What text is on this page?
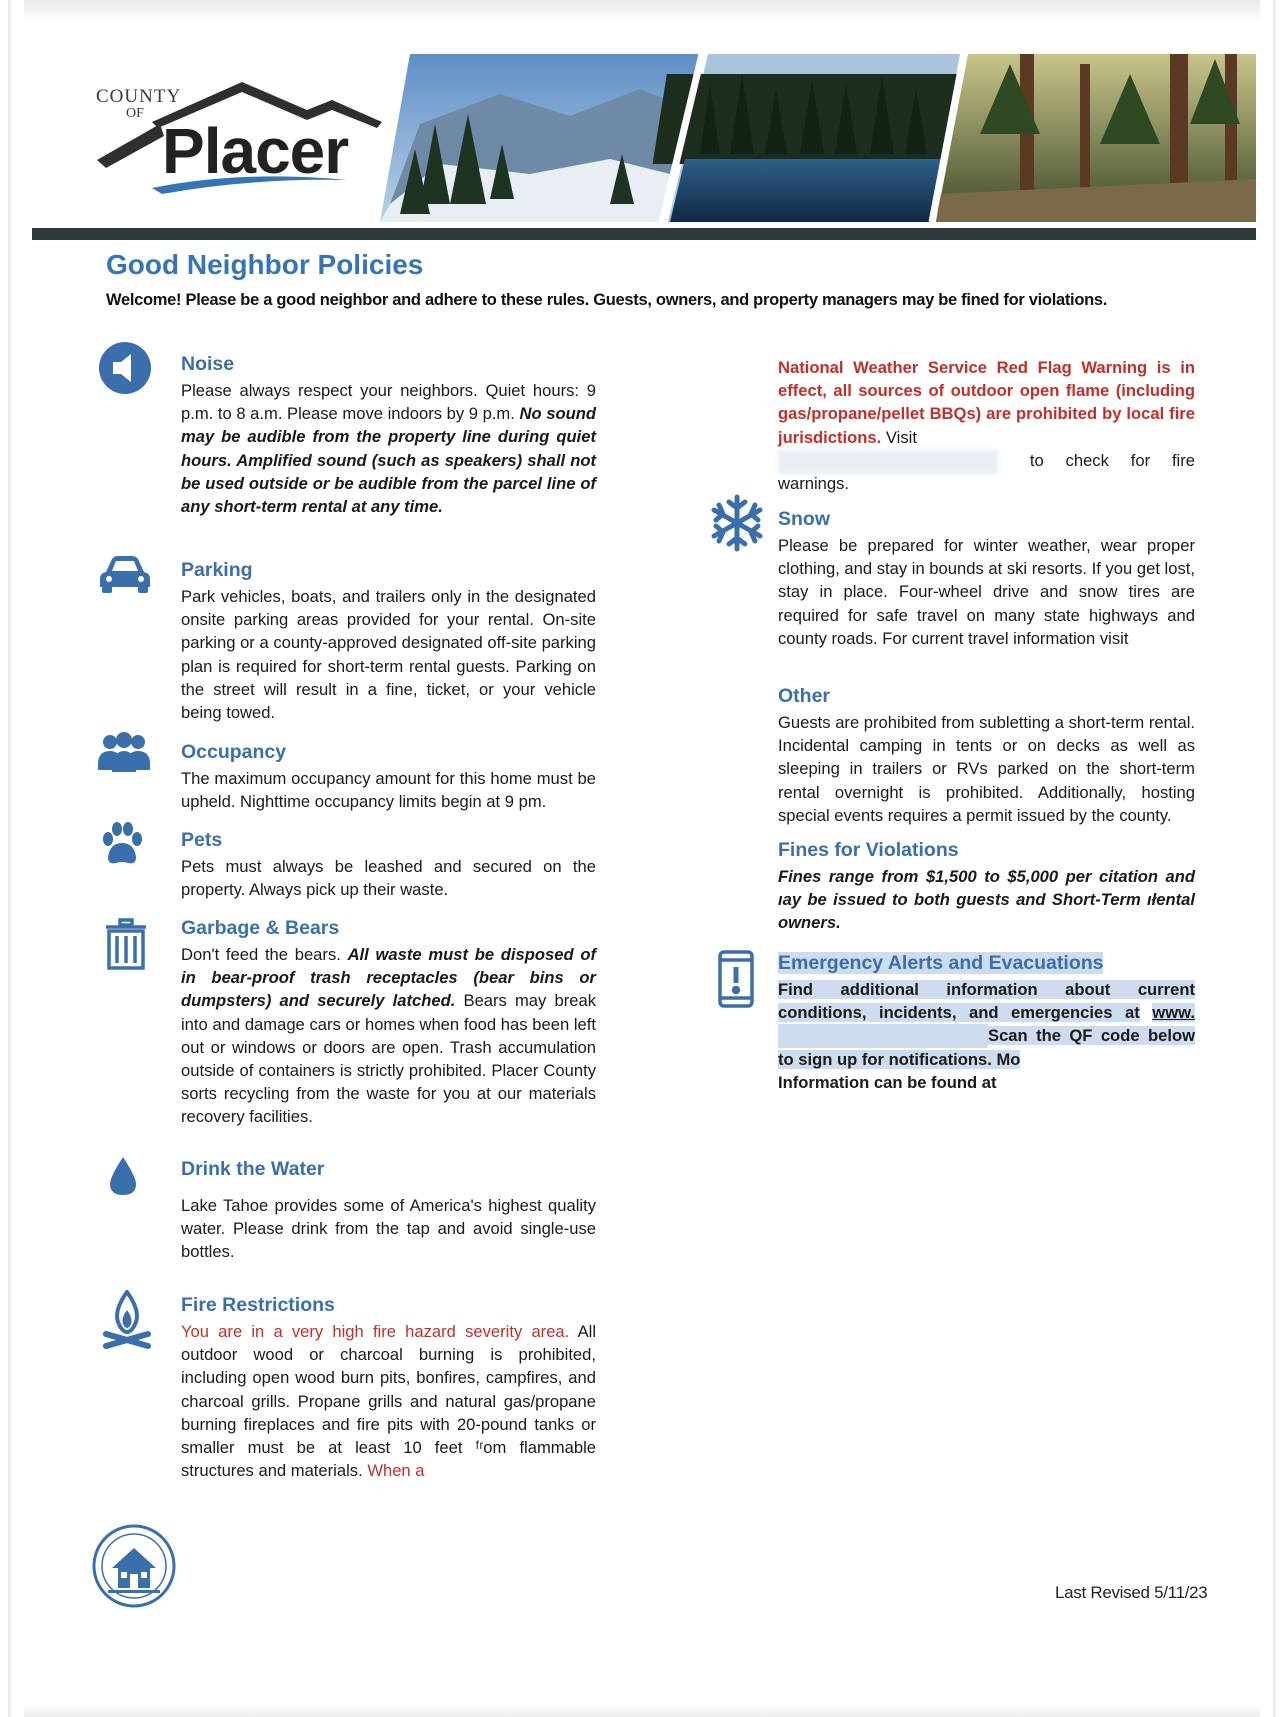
COUNTY
OF
Placer
Good Neighbor Policies
Welcome! Please be a good neighbor and adhere to these rules. Guests, owners, and property managers may be fined for violations.

Noise

Please always respect your neighbors. Quiet hours: 9 p.m. to 8 a.m. Please move indoors by 9 p.m. No sound may be audible from the property line during quiet hours. Amplified sound (such as speakers) shall not be used outside or be audible from the parcel line of any short-term rental at any time.

Parking

Park vehicles, boats, and trailers only in the designated onsite parking areas provided for your rental. On-site parking or a county-approved designated off-site parking plan is required for short-term rental guests. Parking on the street will result in a fine, ticket, or your vehicle being towed.

Occupancy

The maximum occupancy amount for this home must be upheld. Nighttime occupancy limits begin at 9 pm.

Pets

Pets must always be leashed and secured on the property. Always pick up their waste.

Garbage & Bears

Don't feed the bears. All waste must be disposed of in bear-proof trash receptacles (bear bins or dumpsters) and securely latched. Bears may break into and damage cars or homes when food has been left out or windows or doors are open. Trash accumulation outside of containers is strictly prohibited. Placer County sorts recycling from the waste for you at our materials recovery facilities.

Drink the Water

Lake Tahoe provides some of America's highest quality water. Please drink from the tap and avoid single-use bottles.

Fire Restrictions

You are in a very high fire hazard severity area. All outdoor wood or charcoal burning is prohibited, including open wood burn pits, bonfires, campfires, and charcoal grills. Propane grills and natural gas/propane burning fireplaces and fire pits with 20-pound tanks or smaller must be at least 10 feet ᶠʳom flammable structures and materials. When a

National Weather Service Red Flag Warning is in effect, all sources of outdoor open flame (including gas/propane/pellet BBQs) are prohibited by local fire jurisdictions. Visit
to check for fire warnings.

Snow

Please be prepared for winter weather, wear proper clothing, and stay in bounds at ski resorts. If you get lost, stay in place. Four-wheel drive and snow tires are required for safe travel on many state highways and county roads. For current travel information visit

Other

Guests are prohibited from subletting a short-term rental. Incidental camping in tents or on decks as well as sleeping in trailers or RVs parked on the short-term rental overnight is prohibited. Additionally, hosting special events requires a permit issued by the county.

Fines for Violations

Fines range from $1,500 to $5,000 per citation and ıay be issued to both guests and Short-Term ıłental owners.

Emergency Alerts and Evacuations

Find additional information about current conditions, incidents, and emergencies at www. Scan the QF code below to sign up for notifications. Mo
Information can be found at

Last Revised 5/11/23
